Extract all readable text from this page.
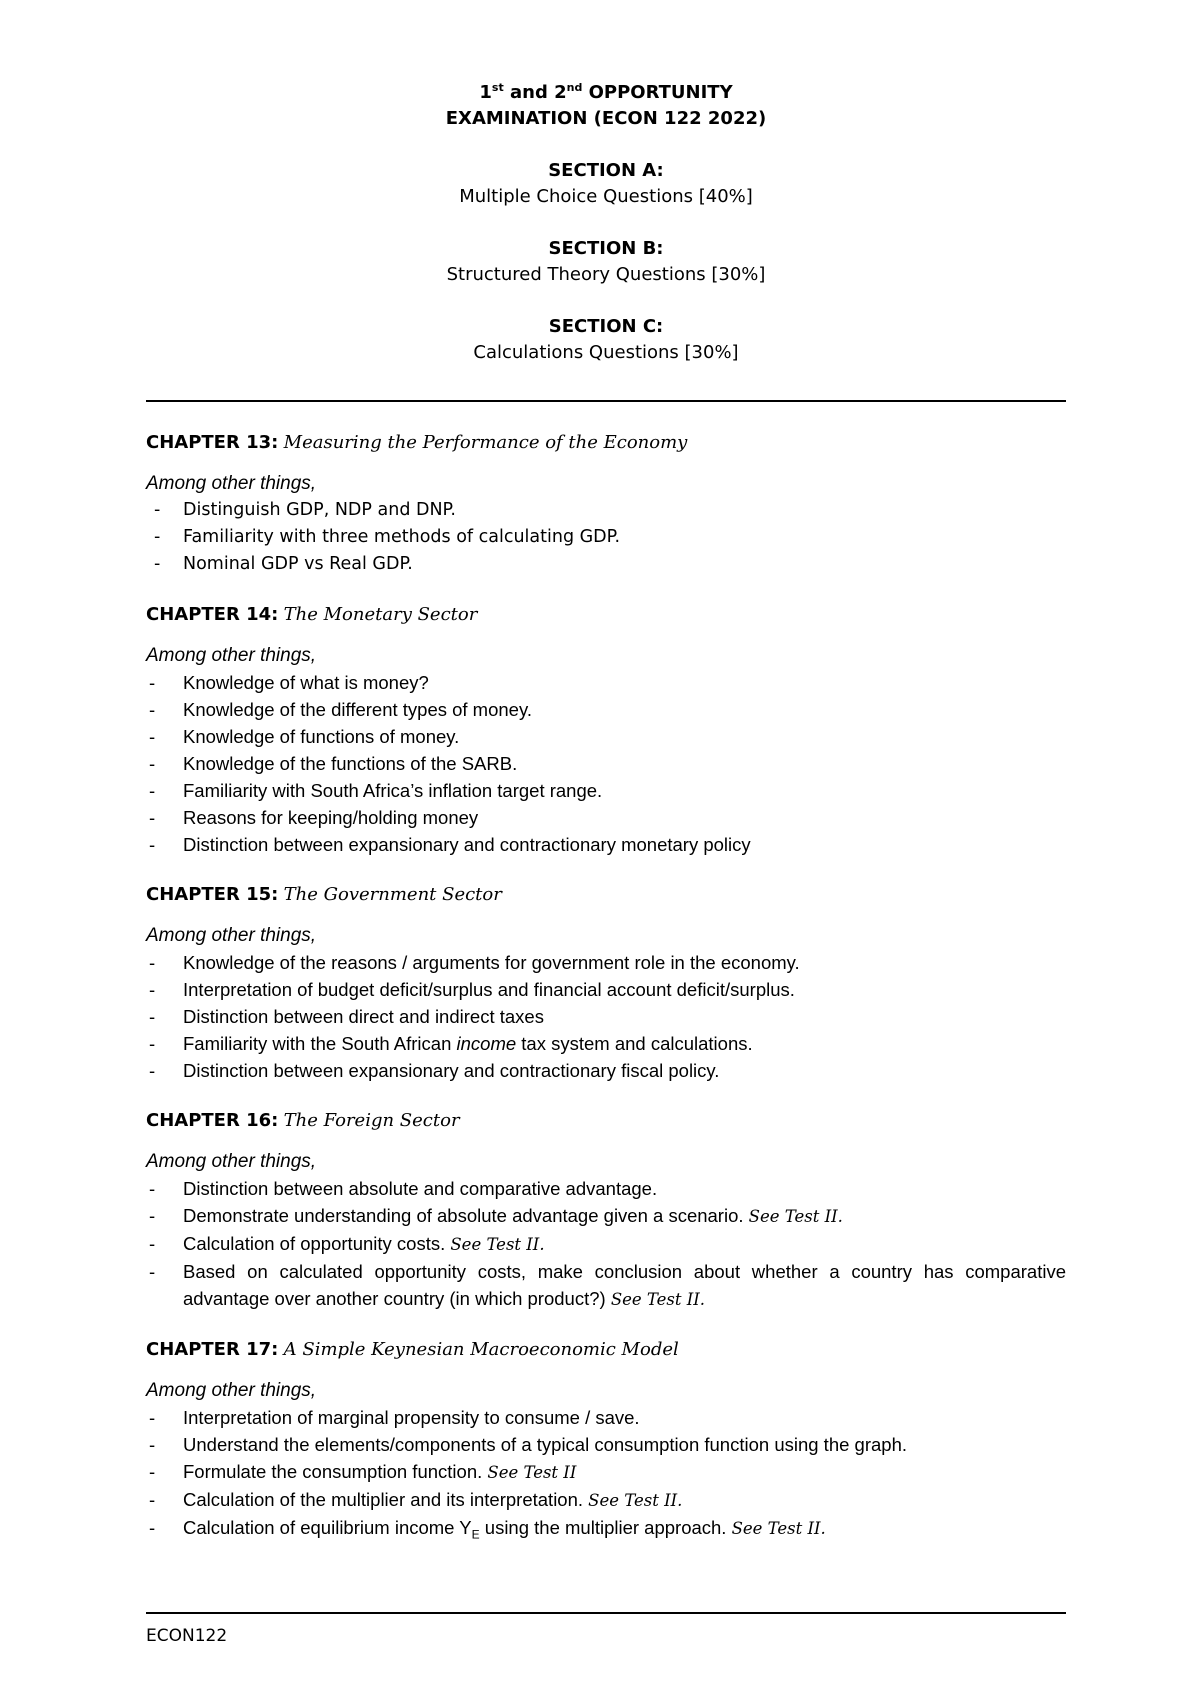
1st and 2nd OPPORTUNITY
EXAMINATION (ECON 122 2022)
SECTION A:
Multiple Choice Questions [40%]
SECTION B:
Structured Theory Questions [30%]
SECTION C:
Calculations Questions [30%]
CHAPTER 13: Measuring the Performance of the Economy
Among other things,
- Distinguish GDP, NDP and DNP.
- Familiarity with three methods of calculating GDP.
- Nominal GDP vs Real GDP.
CHAPTER 14: The Monetary Sector
Among other things,
- Knowledge of what is money?
- Knowledge of the different types of money.
- Knowledge of functions of money.
- Knowledge of the functions of the SARB.
- Familiarity with South Africa’s inflation target range.
- Reasons for keeping/holding money
- Distinction between expansionary and contractionary monetary policy
CHAPTER 15: The Government Sector
Among other things,
- Knowledge of the reasons / arguments for government role in the economy.
- Interpretation of budget deficit/surplus and financial account deficit/surplus.
- Distinction between direct and indirect taxes
- Familiarity with the South African income tax system and calculations.
- Distinction between expansionary and contractionary fiscal policy.
CHAPTER 16: The Foreign Sector
Among other things,
- Distinction between absolute and comparative advantage.
- Demonstrate understanding of absolute advantage given a scenario. See Test II.
- Calculation of opportunity costs. See Test II.
- Based on calculated opportunity costs, make conclusion about whether a country has comparative advantage over another country (in which product?) See Test II.
CHAPTER 17: A Simple Keynesian Macroeconomic Model
Among other things,
- Interpretation of marginal propensity to consume / save.
- Understand the elements/components of a typical consumption function using the graph.
- Formulate the consumption function. See Test II
- Calculation of the multiplier and its interpretation. See Test II.
- Calculation of equilibrium income $Y_E$ using the multiplier approach. See Test II.
ECON122
